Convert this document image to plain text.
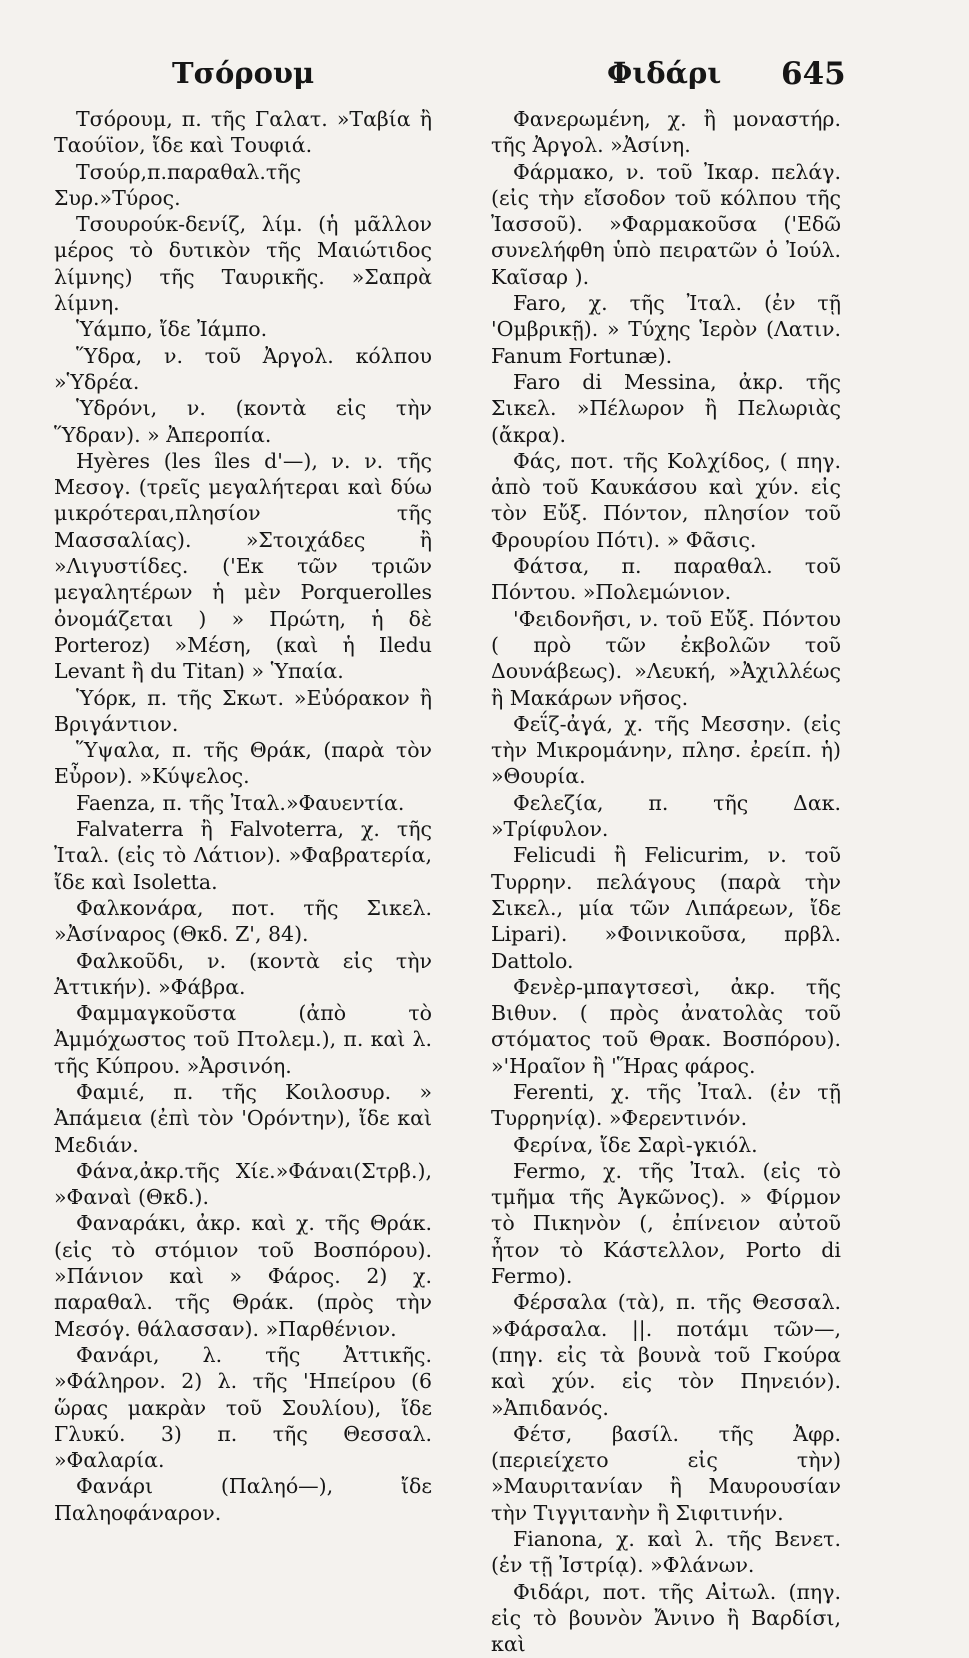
Τσόρουμ	Φιδάρι 645

Τσόρουμ, π. τῆς Γαλατ. »Ταβία ἢ Ταούϊον, ἴδε καὶ Τουφιά.

Τσούρ,π.παραθαλ.τῆς Συρ.»Τύρος.

Τσουρούκ-δενίζ, λίμ. (ἡ μᾶλλον μέρος τὸ δυτικὸν τῆς Μαιώτιδος λίμνης) τῆς Ταυρικῆς. »Σαπρὰ λίμνη.

Ὑάμπο, ἴδε Ἰάμπο.

Ὕδρα, ν. τοῦ Ἀργολ. κόλπου »Ὑδρέα.

Ὑδρόνι, ν. (κοντὰ εἰς τὴν Ὕδραν). » Ἀπεροπία.

Hyères (les îles d'—), ν. ν. τῆς Μεσογ. (τρεῖς μεγαλήτεραι καὶ δύω μικρότεραι,πλησίον τῆς Μασσαλίας). »Στοιχάδες ἢ »Λιγυστίδες. ('Εκ τῶν τριῶν μεγαλητέρων ἡ μὲν Porquerolles ὀνομάζεται ) » Πρώτη, ἡ δὲ Porteroz) »Μέση, (καὶ ἡ Iledu Levant ἢ du Titan) » Ὑπαία.

Ὑόρκ, π. τῆς Σκωτ. »Εὐόρακον ἢ Βριγάντιον.

Ὕψαλα, π. τῆς Θράκ, (παρὰ τὸν Εὖρον). »Κύψελος.

Faenza, π. τῆς Ἰταλ.»Φαυεντία.

Falvaterra ἢ Falvoterra, χ. τῆς Ἰταλ. (εἰς τὸ Λάτιον). »Φαβρατερία, ἴδε καὶ Isoletta.

Φαλκονάρα, ποτ. τῆς Σικελ. »Ἀσίναρος (Θκδ. Ζ', 84).

Φαλκοῦδι, ν. (κοντὰ εἰς τὴν Ἀττικήν). »Φάβρα.

Φαμμαγκοῦστα (ἀπὸ τὸ Ἀμμόχωστος τοῦ Πτολεμ.), π. καὶ λ. τῆς Κύπρου. »Ἀρσινόη.

Φαμιέ, π. τῆς Κοιλοσυρ. » Ἀπάμεια (ἐπὶ τὸν 'Ορόντην), ἴδε καὶ Μεδιάν.

Φάνα,ἀκρ.τῆς Χίε.»Φάναι(Στρβ.), »Φαναὶ (Θκδ.).

Φαναράκι, ἀκρ. καὶ χ. τῆς Θράκ. (εἰς τὸ στόμιον τοῦ Βοσπόρου). »Πάνιον καὶ » Φάρος. 2) χ. παραθαλ. τῆς Θράκ. (πρὸς τὴν Μεσόγ. θάλασσαν). »Παρθένιον.

Φανάρι, λ. τῆς Ἀττικῆς. »Φάληρον. 2) λ. τῆς 'Ηπείρου (6 ὥρας μακρὰν τοῦ Σουλίου), ἴδε Γλυκύ. 3) π. τῆς Θεσσαλ. »Φαλαρία.

Φανάρι (Παληό—), ἴδε Παληοφάναρον.

Φανερωμένη, χ. ἢ μοναστήρ. τῆς Ἀργολ. »Ἀσίνη.

Φάρμακο, ν. τοῦ Ἰκαρ. πελάγ. (εἰς τὴν εἴσοδον τοῦ κόλπου τῆς Ἰασσοῦ). »Φαρμακοῦσα ('Εδῶ συνελήφθη ὑπὸ πειρατῶν ὁ Ἰούλ. Καῖσαρ ).

Faro, χ. τῆς Ἰταλ. (ἐν τῇ 'Ομβρικῇ). » Τύχης Ἱερὸν (Λατιν. Fanum Fortunæ).

Faro di Messina, ἀκρ. τῆς Σικελ. »Πέλωρον ἢ Πελωριὰς (ἄκρα).

Φάς, ποτ. τῆς Κολχίδος, ( πηγ. ἀπὸ τοῦ Καυκάσου καὶ χύν. εἰς τὸν Εὔξ. Πόντον, πλησίον τοῦ Φρουρίου Πότι). » Φᾶσις.

Φάτσα, π. παραθαλ. τοῦ Πόντου. »Πολεμώνιον.

'Φειδονῆσι, ν. τοῦ Εὔξ. Πόντου ( πρὸ τῶν ἐκβολῶν τοῦ Δουνάβεως). »Λευκή, »Ἀχιλλέως ἢ Μακάρων νῆσος.

Φεΐζ-ἀγά, χ. τῆς Μεσσην. (εἰς τὴν Μικρομάνην, πλησ. ἐρείπ. ἡ) »Θουρία.

Φελεζία, π. τῆς Δακ. »Τρίφυλον.

Felicudi ἢ Felicurim, ν. τοῦ Τυρρην. πελάγους (παρὰ τὴν Σικελ., μία τῶν Λιπάρεων, ἴδε Lipari). »Φοινικοῦσα, πρβλ. Dattolo.

Φενὲρ-μπαγτσεσὶ, ἀκρ. τῆς Βιθυν. ( πρὸς ἀνατολὰς τοῦ στόματος τοῦ Θρακ. Βοσπόρου). »'Ηραῖον ἢ 'Ἥρας φάρος.

Ferenti, χ. τῆς Ἰταλ. (ἐν τῇ Τυρρηνίᾳ). »Φερεντινόν.

Φερίνα, ἴδε Σαρὶ-γκιόλ.

Fermo, χ. τῆς Ἰταλ. (εἰς τὸ τμῆμα τῆς Ἀγκῶνος). » Φίρμον τὸ Πικηνὸν (, ἐπίνειον αὐτοῦ ἦτον τὸ Κάστελλον, Porto di Fermo).

Φέρσαλα (τὰ), π. τῆς Θεσσαλ. »Φάρσαλα. ||. ποτάμι τῶν—, (πηγ. εἰς τὰ βουνὰ τοῦ Γκούρα καὶ χύν. εἰς τὸν Πηνειόν). »Ἀπιδανός.

Φέτσ, βασίλ. τῆς Ἀφρ. (περιείχετο εἰς τὴν) »Μαυριτανίαν ἢ Μαυρουσίαν τὴν Τιγγιτανὴν ἢ Σιφιτινήν.

Fianona, χ. καὶ λ. τῆς Βενετ. (ἐν τῇ Ἰστρίᾳ). »Φλάνων.

Φιδάρι, ποτ. τῆς Αἰτωλ. (πηγ. εἰς τὸ βουνὸν Ἄνινο ἢ Βαρδίσι, καὶ
